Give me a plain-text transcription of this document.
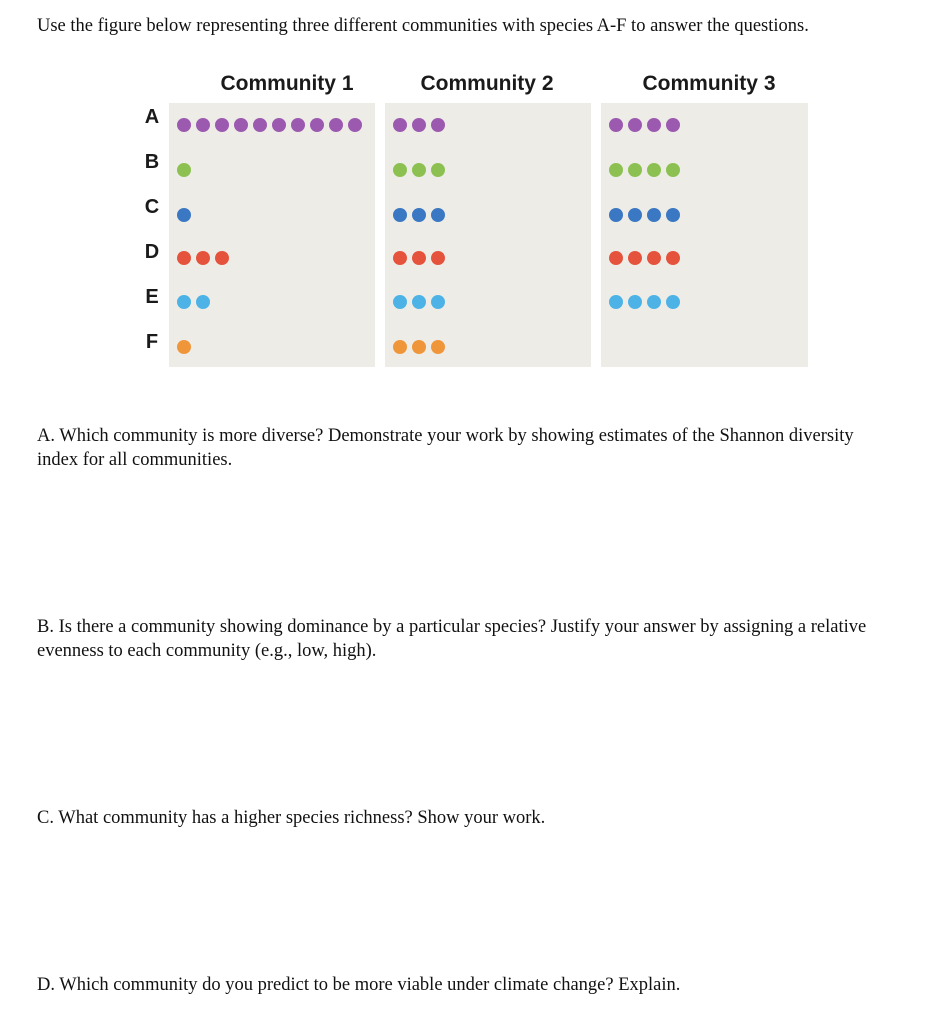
Use the figure below representing three different communities with species A-F to answer the questions.
Community 1	Community 2	Community 3
A
B
C
D
E
F
A. Which community is more diverse? Demonstrate your work by showing estimates of the Shannon diversity index for all communities.
B. Is there a community showing dominance by a particular species? Justify your answer by assigning a relative evenness to each community (e.g., low, high).
C. What community has a higher species richness? Show your work.
D. Which community do you predict to be more viable under climate change? Explain.
